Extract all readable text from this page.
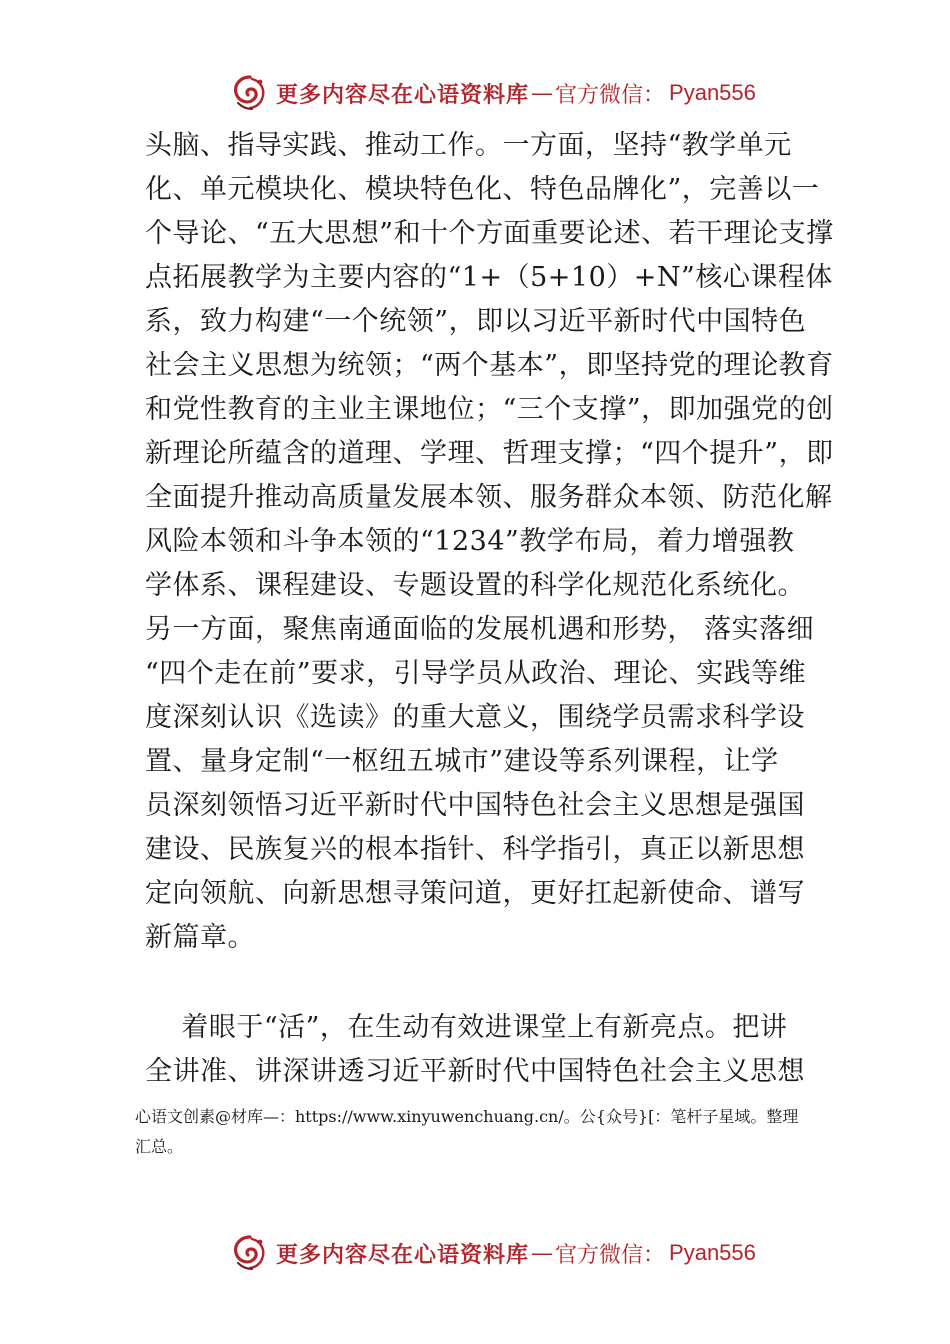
更多内容尽在心语资料库 — 官方微信： Pyan556
头脑、指导实践、推动工作。一方面，坚持“教学单元
化、单元模块化、模块特色化、特色品牌化”，完善以一
个导论、“五大思想”和十个方面重要论述、若干理论支撑
点拓展教学为主要内容的“1+（5+10）+N”核心课程体
系，致力构建“一个统领”，即以习近平新时代中国特色
社会主义思想为统领；“两个基本”，即坚持党的理论教育
和党性教育的主业主课地位；“三个支撑”，即加强党的创
新理论所蕴含的道理、学理、哲理支撑；“四个提升”，即
全面提升推动高质量发展本领、服务群众本领、防范化解
风险本领和斗争本领的“1234”教学布局，着力增强教
学体系、课程建设、专题设置的科学化规范化系统化。
另一方面，聚焦南通面临的发展机遇和形势， 落实落细
“四个走在前”要求，引导学员从政治、理论、实践等维
度深刻认识《选读》的重大意义，围绕学员需求科学设
置、量身定制“一枢纽五城市”建设等系列课程，让学
员深刻领悟习近平新时代中国特色社会主义思想是强国
建设、民族复兴的根本指针、科学指引，真正以新思想
定向领航、向新思想寻策问道，更好扛起新使命、谱写
新篇章。
着眼于“活”，在生动有效进课堂上有新亮点。把讲
全讲准、讲深讲透习近平新时代中国特色社会主义思想
心语文创素@材库—：https://www.xinyuwenchuang.cn/。公{众号}[：笔杆子星域。整理
汇总。
更多内容尽在心语资料库 — 官方微信： Pyan556
